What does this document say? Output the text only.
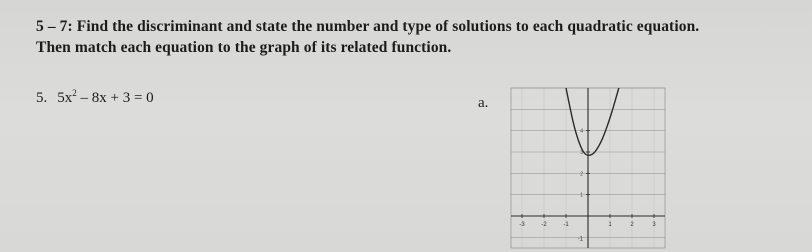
5 – 7: Find the discriminant and state the number and type of solutions to each quadratic equation.
Then match each equation to the graph of its related function.
5. $5x^2 - 8x + 3 = 0$	a.
-3	-2	-1	1	2	3
1
2
3
4
-1
